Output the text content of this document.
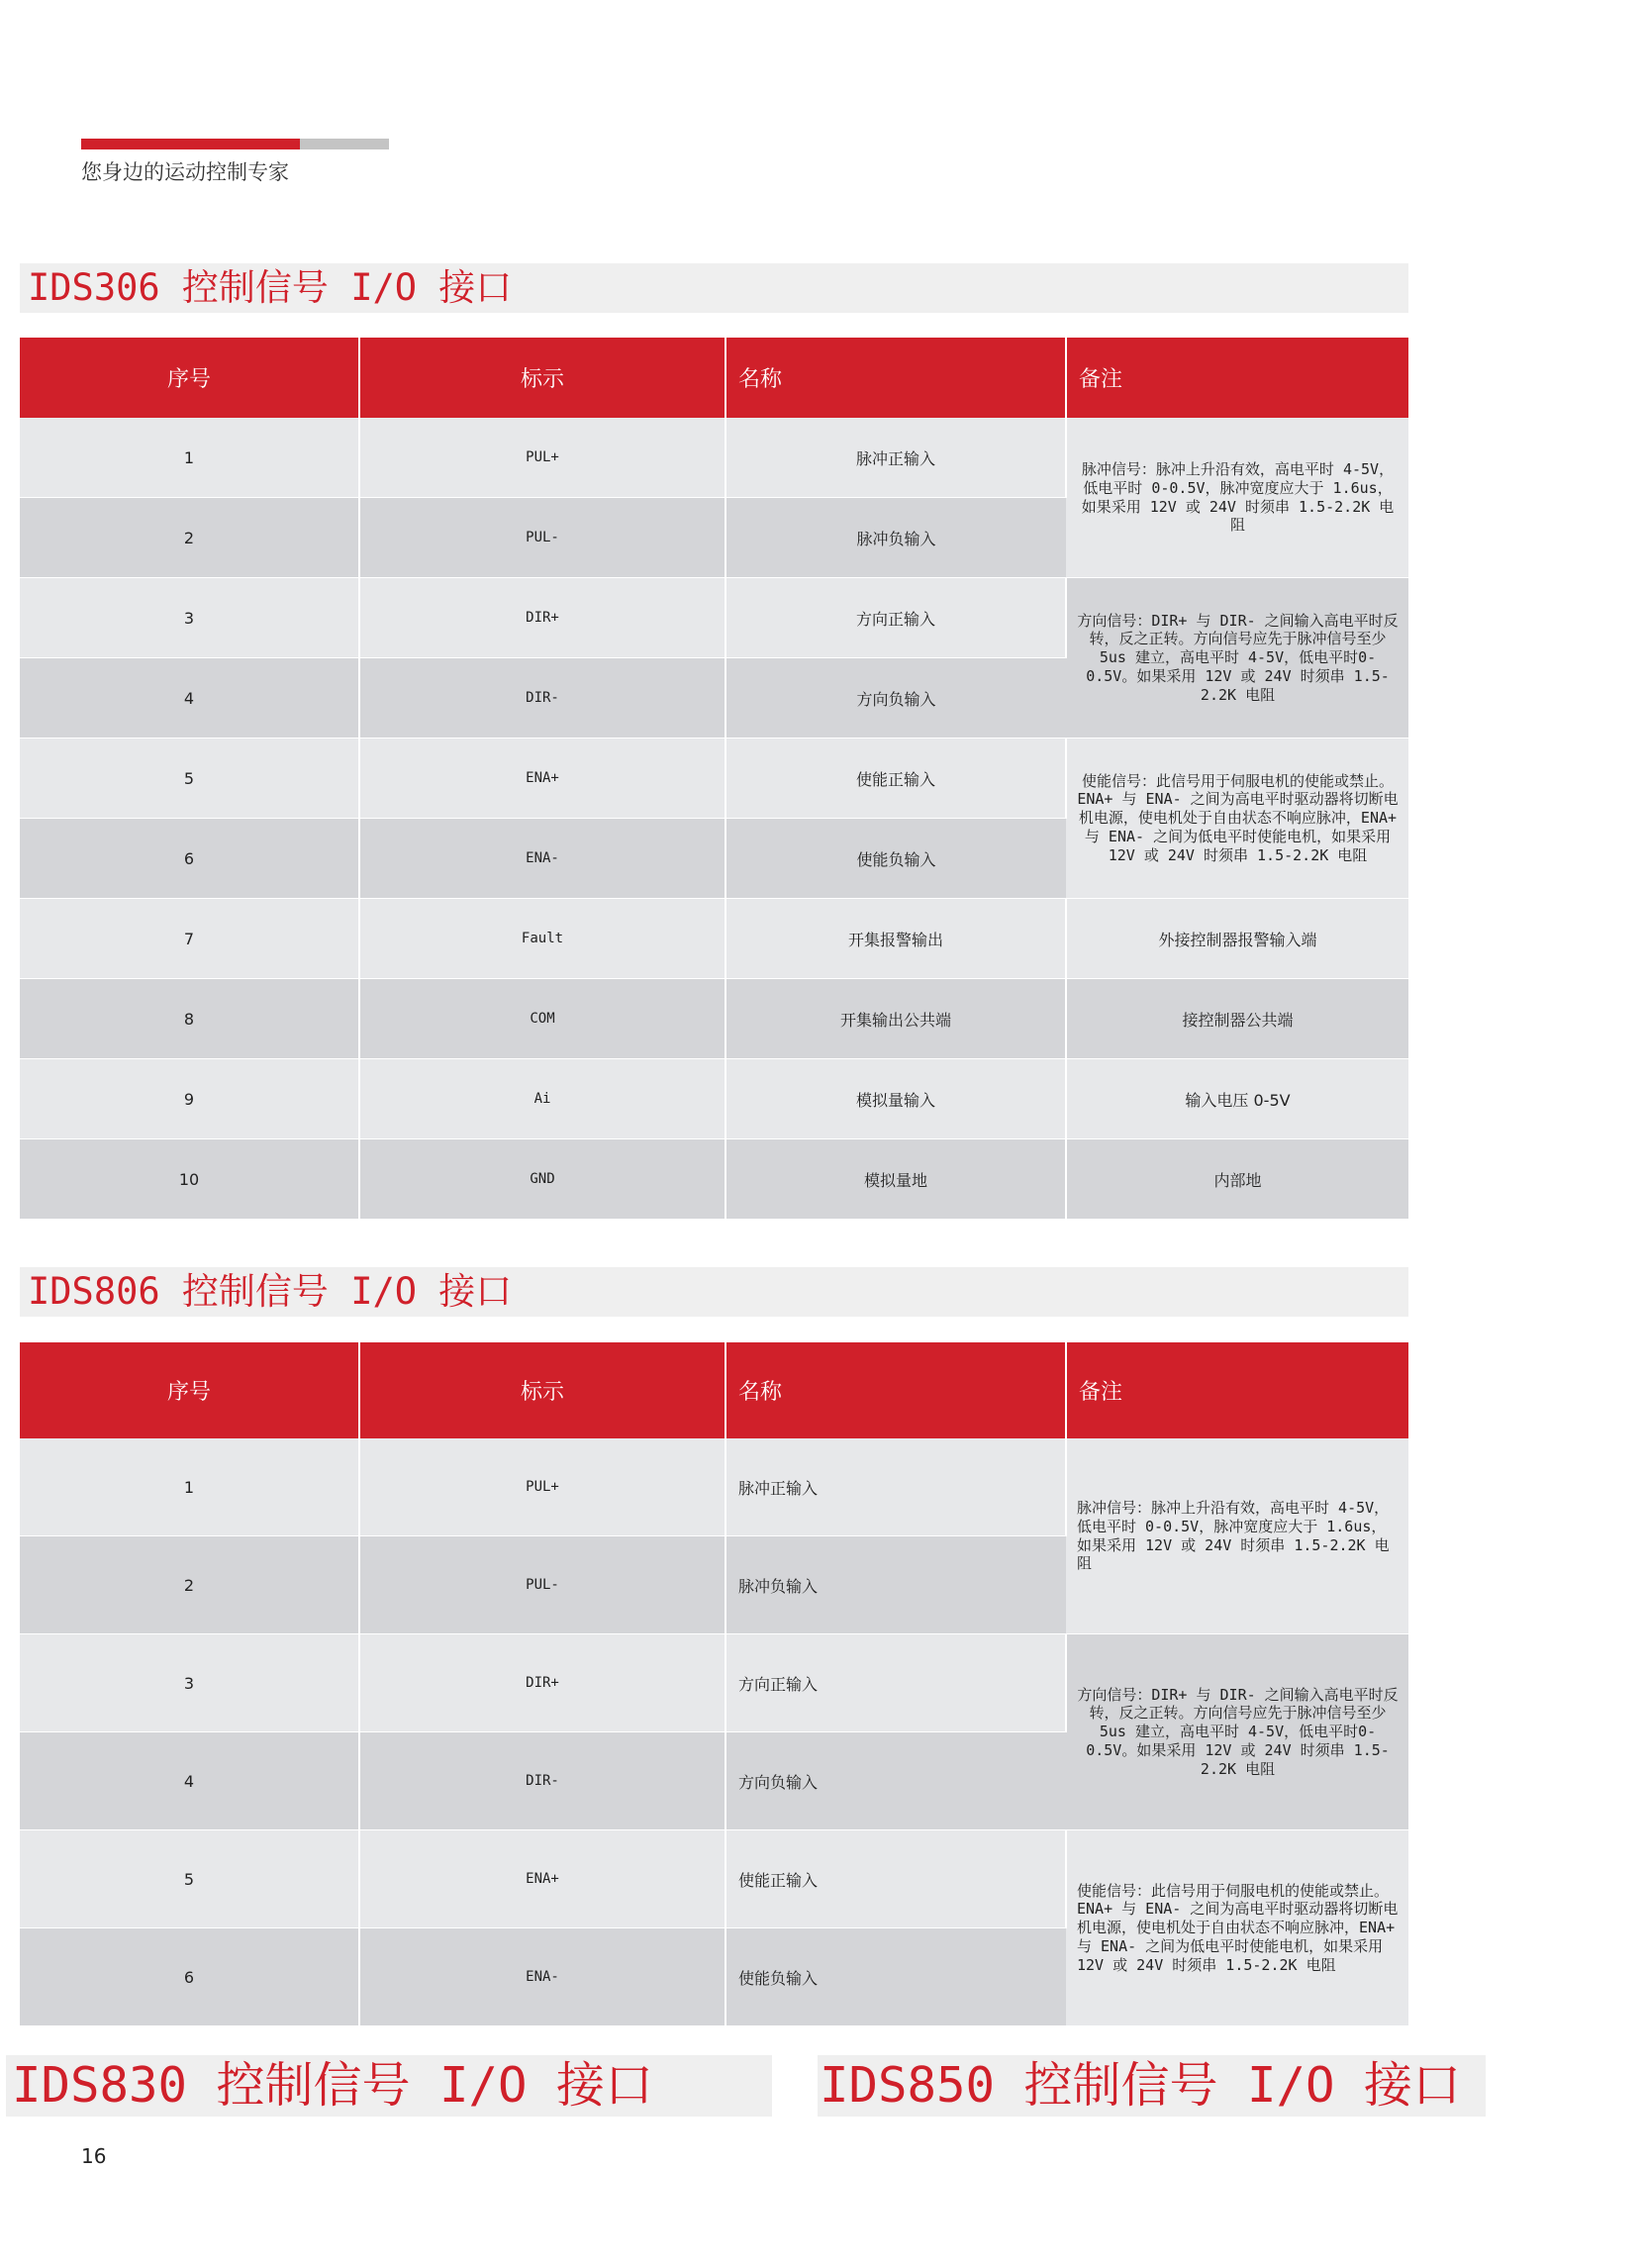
您身边的运动控制专家
IDS306 控制信号 I/O 接口
序号	标示	名称	备注
1	PUL+	脉冲正输入	脉冲信号：脉冲上升沿有效，高电平时 4-5V，低电平时 0-0.5V，脉冲宽度应大于 1.6us，如果采用 12V 或 24V 时须串 1.5-2.2K 电阻
2	PUL-	脉冲负输入	
3	DIR+	方向正输入	方向信号：DIR+ 与 DIR- 之间输入高电平时反转，反之正转。方向信号应先于脉冲信号至少 5us 建立，高电平时 4-5V，低电平时0-0.5V。如果采用 12V 或 24V 时须串 1.5-2.2K 电阻
4	DIR-	方向负输入	
5	ENA+	使能正输入	使能信号：此信号用于伺服电机的使能或禁止。ENA+ 与 ENA- 之间为高电平时驱动器将切断电机电源，使电机处于自由状态不响应脉冲，ENA+ 与 ENA- 之间为低电平时使能电机，如果采用 12V 或 24V 时须串 1.5-2.2K 电阻
6	ENA-	使能负输入	
7	Fault	开集报警输出	外接控制器报警输入端
8	COM	开集输出公共端	接控制器公共端
9	Ai	模拟量输入	输入电压 0-5V
10	GND	模拟量地	内部地
IDS806 控制信号 I/O 接口
序号	标示	名称	备注
1	PUL+	脉冲正输入	脉冲信号：脉冲上升沿有效，高电平时 4-5V，低电平时 0-0.5V，脉冲宽度应大于 1.6us，如果采用 12V 或 24V 时须串 1.5-2.2K 电阻
2	PUL-	脉冲负输入	
3	DIR+	方向正输入	方向信号：DIR+ 与 DIR- 之间输入高电平时反转，反之正转。方向信号应先于脉冲信号至少 5us 建立，高电平时 4-5V，低电平时0-0.5V。如果采用 12V 或 24V 时须串 1.5-2.2K 电阻
4	DIR-	方向负输入	
5	ENA+	使能正输入	使能信号：此信号用于伺服电机的使能或禁止。ENA+ 与 ENA- 之间为高电平时驱动器将切断电机电源，使电机处于自由状态不响应脉冲，ENA+ 与 ENA- 之间为低电平时使能电机，如果采用 12V 或 24V 时须串 1.5-2.2K 电阻
6	ENA-	使能负输入	
IDS830 控制信号 I/O 接口	IDS850 控制信号 I/O 接口
16
